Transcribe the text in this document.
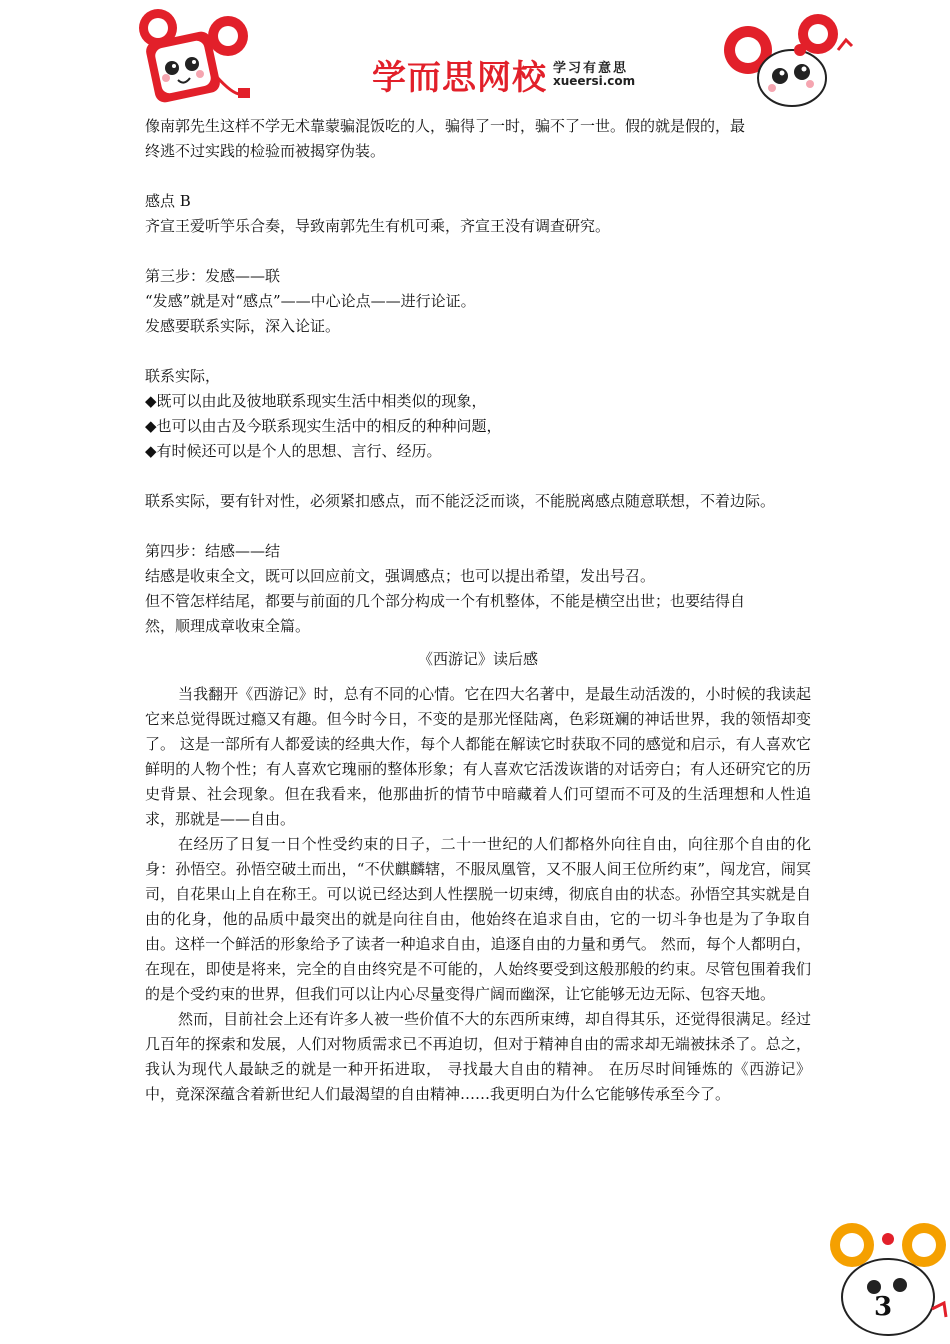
学而思网校 学习有意思
xueersi.com
像南郭先生这样不学无术靠蒙骗混饭吃的人，骗得了一时，骗不了一世。假的就是假的，最
终逃不过实践的检验而被揭穿伪装。
感点 B
齐宣王爱听竽乐合奏，导致南郭先生有机可乘，齐宣王没有调查研究。
第三步：发感——联
“发感”就是对“感点”——中心论点——进行论证。
发感要联系实际，深入论证。
联系实际，
◆既可以由此及彼地联系现实生活中相类似的现象，
◆也可以由古及今联系现实生活中的相反的种种问题，
◆有时候还可以是个人的思想、言行、经历。
联系实际，要有针对性，必须紧扣感点，而不能泛泛而谈，不能脱离感点随意联想，不着边际。
第四步：结感——结
结感是收束全文，既可以回应前文，强调感点；也可以提出希望，发出号召。
但不管怎样结尾，都要与前面的几个部分构成一个有机整体，不能是横空出世；也要结得自
然，顺理成章收束全篇。
《西游记》读后感

当我翻开《西游记》时，总有不同的心情。它在四大名著中，是最生动活泼的，小时候的我读起它来总觉得既过瘾又有趣。但今时今日，不变的是那光怪陆离，色彩斑斓的神话世界，我的领悟却变了。 这是一部所有人都爱读的经典大作，每个人都能在解读它时获取不同的感觉和启示，有人喜欢它鲜明的人物个性；有人喜欢它瑰丽的整体形象；有人喜欢它活泼诙谐的对话旁白；有人还研究它的历史背景、社会现象。但在我看来，他那曲折的情节中暗藏着人们可望而不可及的生活理想和人性追求，那就是——自由。

在经历了日复一日个性受约束的日子，二十一世纪的人们都格外向往自由，向往那个自由的化身：孙悟空。孙悟空破土而出，“不伏麒麟辖，不服凤凰管，又不服人间王位所约束”，闯龙宫，闹冥司，自花果山上自在称王。可以说已经达到人性摆脱一切束缚，彻底自由的状态。孙悟空其实就是自由的化身，他的品质中最突出的就是向往自由，他始终在追求自由，它的一切斗争也是为了争取自由。这样一个鲜活的形象给予了读者一种追求自由，追逐自由的力量和勇气。 然而，每个人都明白， 在现在，即使是将来，完全的自由终究是不可能的，人始终要受到这般那般的约束。尽管包围着我们的是个受约束的世界，但我们可以让内心尽量变得广阔而幽深，让它能够无边无际、包容天地。

然而，目前社会上还有许多人被一些价值不大的东西所束缚，却自得其乐，还觉得很满足。经过几百年的探索和发展，人们对物质需求已不再迫切，但对于精神自由的需求却无端被抹杀了。总之， 我认为现代人最缺乏的就是一种开拓进取， 寻找最大自由的精神。 在历尽时间锤炼的《西游记》中，竟深深蕴含着新世纪人们最渴望的自由精神……我更明白为什么它能够传承至今了。

3
